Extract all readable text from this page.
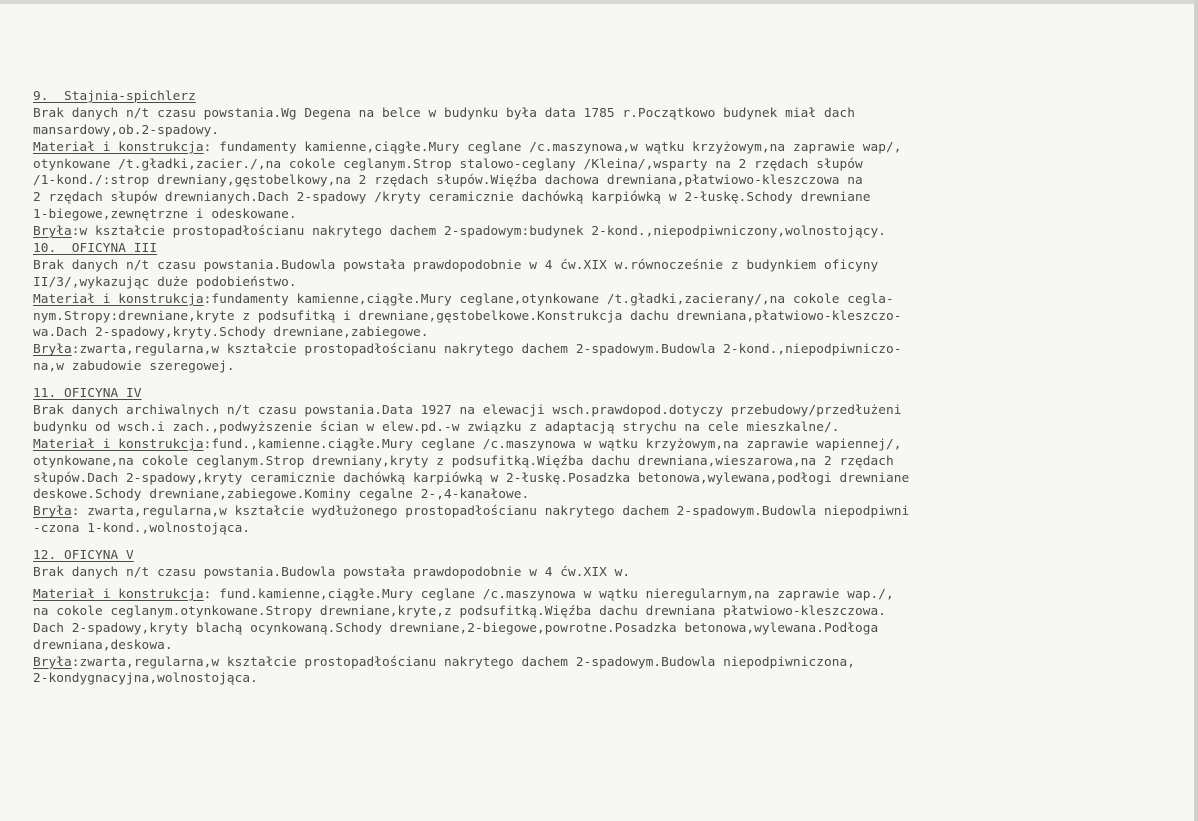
9.  Stajnia-spichlerz
Brak danych n/t czasu powstania.Wg Degena na belce w budynku była data 1785 r.Początkowo budynek miał dach
mansardowy,ob.2-spadowy.
Materiał i konstrukcja: fundamenty kamienne,ciągłe.Mury ceglane /c.maszynowa,w wątku krzyżowym,na zaprawie wap/,
otynkowane /t.gładki,zacier./,na cokole ceglanym.Strop stalowo-ceglany /Kleina/,wsparty na 2 rzędach słupów
/1-kond./:strop drewniany,gęstobelkowy,na 2 rzędach słupów.Więźba dachowa drewniana,płatwiowo-kleszczowa na
2 rzędach słupów drewnianych.Dach 2-spadowy /kryty ceramicznie dachówką karpiówką w 2-łuskę.Schody drewniane
1-biegowe,zewnętrzne i odeskowane.
Bryła:w kształcie prostopadłościanu nakrytego dachem 2-spadowym:budynek 2-kond.,niepodpiwniczony,wolnostojący.
10.  OFICYNA III
Brak danych n/t czasu powstania.Budowla powstała prawdopodobnie w 4 ćw.XIX w.równocześnie z budynkiem oficyny
II/3/,wykazując duże podobieństwo.
Materiał i konstrukcja:fundamenty kamienne,ciągłe.Mury ceglane,otynkowane /t.gładki,zacierany/,na cokole cegla-
nym.Stropy:drewniane,kryte z podsufitką i drewniane,gęstobelkowe.Konstrukcja dachu drewniana,płatwiowo-kleszczo-
wa.Dach 2-spadowy,kryty.Schody drewniane,zabiegowe.
Bryła:zwarta,regularna,w kształcie prostopadłościanu nakrytego dachem 2-spadowym.Budowla 2-kond.,niepodpiwniczo-
na,w zabudowie szeregowej.
11. OFICYNA IV
Brak danych archiwalnych n/t czasu powstania.Data 1927 na elewacji wsch.prawdopod.dotyczy przebudowy/przedłużeni
budynku od wsch.i zach.,podwyższenie ścian w elew.pd.-w związku z adaptacją strychu na cele mieszkalne/.
Materiał i konstrukcja:fund.,kamienne.ciągłe.Mury ceglane /c.maszynowa w wątku krzyżowym,na zaprawie wapiennej/,
otynkowane,na cokole ceglanym.Strop drewniany,kryty z podsufitką.Więźba dachu drewniana,wieszarowa,na 2 rzędach
słupów.Dach 2-spadowy,kryty ceramicznie dachówką karpiówką w 2-łuskę.Posadzka betonowa,wylewana,podłogi drewniane
deskowe.Schody drewniane,zabiegowe.Kominy cegalne 2-,4-kanałowe.
Bryła: zwarta,regularna,w kształcie wydłużonego prostopadłościanu nakrytego dachem 2-spadowym.Budowla niepodpiwni
-czona 1-kond.,wolnostojąca.
12. OFICYNA V
Brak danych n/t czasu powstania.Budowla powstała prawdopodobnie w 4 ćw.XIX w.
Materiał i konstrukcja: fund.kamienne,ciągłe.Mury ceglane /c.maszynowa w wątku nieregularnym,na zaprawie wap./,
na cokole ceglanym.otynkowane.Stropy drewniane,kryte,z podsufitką.Więźba dachu drewniana płatwiowo-kleszczowa.
Dach 2-spadowy,kryty blachą ocynkowaną.Schody drewniane,2-biegowe,powrotne.Posadzka betonowa,wylewana.Podłoga
drewniana,deskowa.
Bryła:zwarta,regularna,w kształcie prostopadłościanu nakrytego dachem 2-spadowym.Budowla niepodpiwniczona,
2-kondygnacyjna,wolnostojąca.
